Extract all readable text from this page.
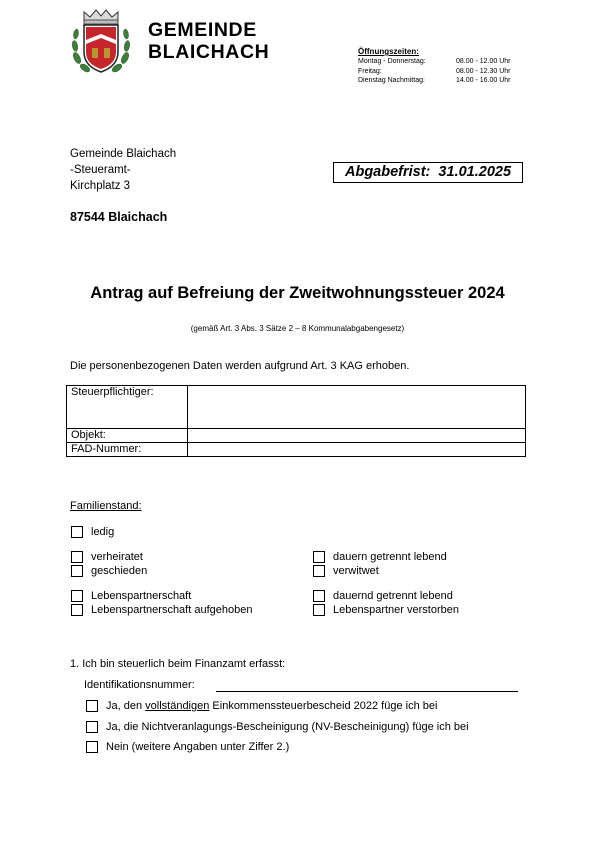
GEMEINDE
BLAICHACH	Öffnungszeiten:
Montag - Donnerstag:	08.00 - 12.00 Uhr
Freitag:	08.00 - 12.30 Uhr
Dienstag Nachmittag:	14.00 - 16.00 Uhr
Gemeinde Blaichach
-Steueramt-
Kirchplatz 3
87544 Blaichach
Abgabefrist:  31.01.2025
Antrag auf Befreiung der Zweitwohnungssteuer 2024
(gemäß Art. 3 Abs. 3 Sätze 2 – 8 Kommunalabgabengesetz)
Die personenbezogenen Daten werden aufgrund Art. 3 KAG erhoben.
Steuerpflichtiger:	
Objekt:	
FAD-Nummer:	
Familienstand:
ledig
verheiratet
geschieden
dauern getrennt lebend
verwitwet
Lebenspartnerschaft
Lebenspartnerschaft aufgehoben
dauernd getrennt lebend
Lebenspartner verstorben
1. Ich bin steuerlich beim Finanzamt erfasst:
Identifikationsnummer:
Ja, den vollständigen Einkommenssteuerbescheid 2022 füge ich bei
Ja, die Nichtveranlagungs-Bescheinigung (NV-Bescheinigung) füge ich bei
Nein (weitere Angaben unter Ziffer 2.)
